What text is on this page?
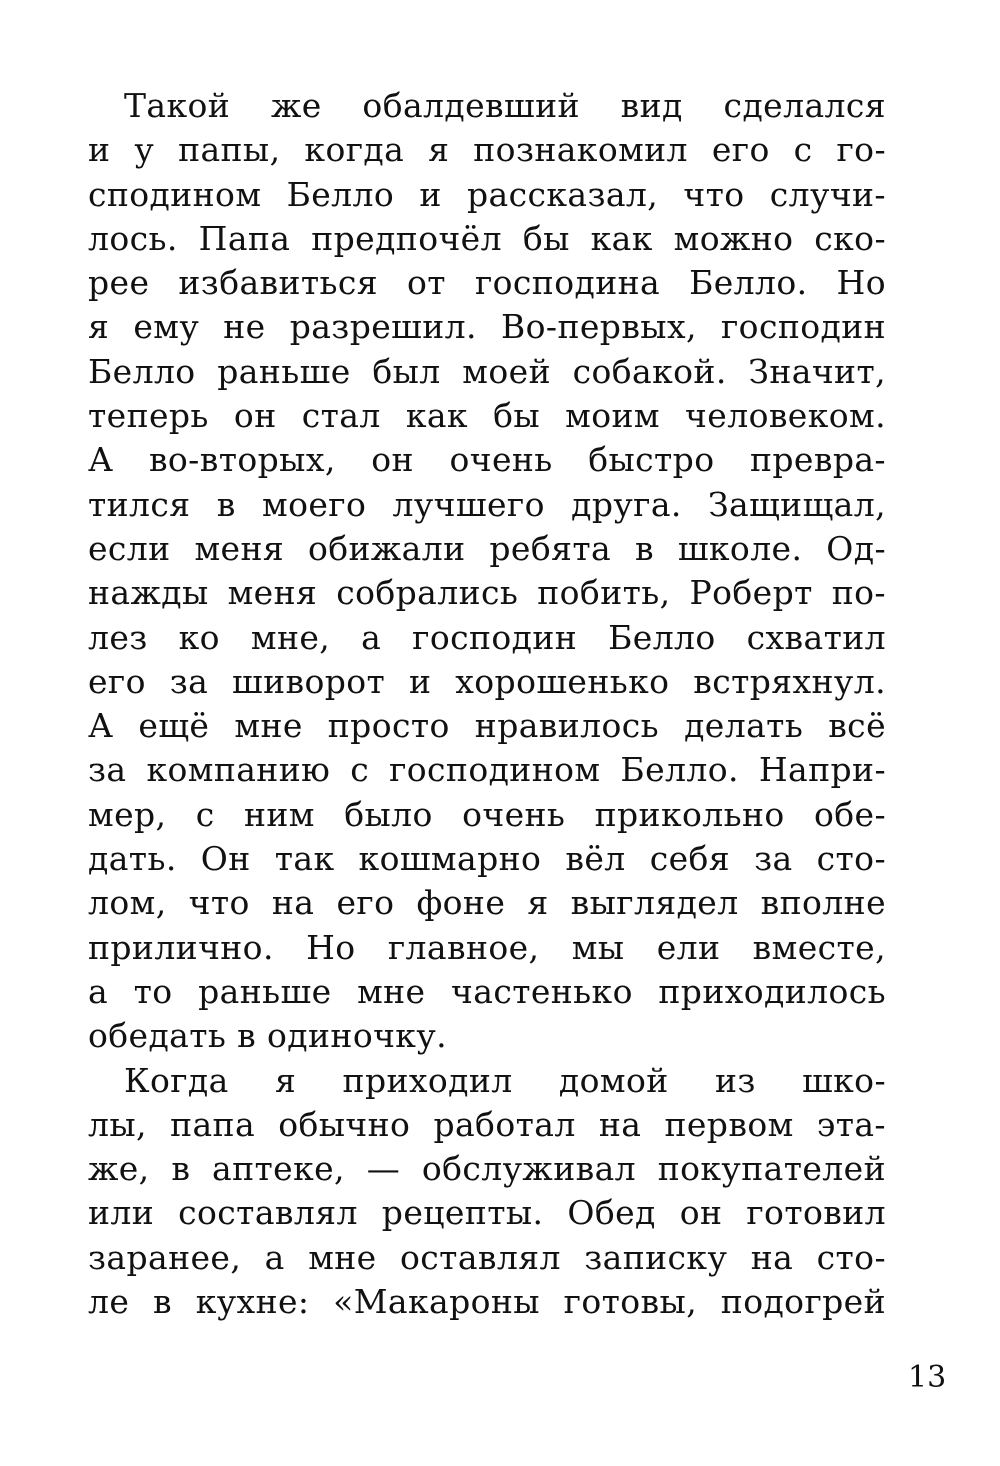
Такой же обалдевший вид сделался
и у папы, когда я познакомил его с го-
сподином Белло и рассказал, что случи-
лось. Папа предпочёл бы как можно ско-
рее избавиться от господина Белло. Но
я ему не разрешил. Во-первых, господин
Белло раньше был моей собакой. Значит,
теперь он стал как бы моим человеком.
А во-вторых, он очень быстро превра-
тился в моего лучшего друга. Защищал,
если меня обижали ребята в школе. Од-
нажды меня собрались побить, Роберт по-
лез ко мне, а господин Белло схватил
его за шиворот и хорошенько встряхнул.
А ещё мне просто нравилось делать всё
за компанию с господином Белло. Напри-
мер, с ним было очень прикольно обе-
дать. Он так кошмарно вёл себя за сто-
лом, что на его фоне я выглядел вполне
прилично. Но главное, мы ели вместе,
а то раньше мне частенько приходилось
обедать в одиночку.
Когда я приходил домой из шко-
лы, папа обычно работал на первом эта-
же, в аптеке, — обслуживал покупателей
или составлял рецепты. Обед он готовил
заранее, а мне оставлял записку на сто-
ле в кухне: «Макароны готовы, подогрей
13
